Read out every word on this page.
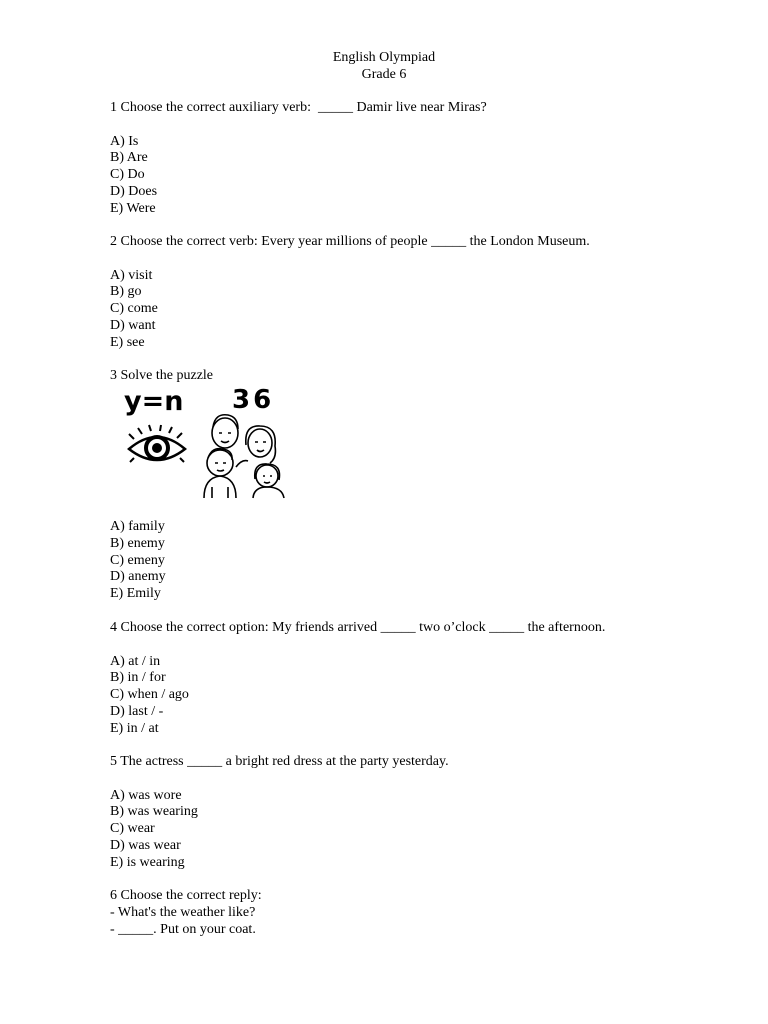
English Olympiad
Grade 6
1 Choose the correct auxiliary verb:  _____ Damir live near Miras?
A) Is
B) Are
C) Do
D) Does
E) Were
2 Choose the correct verb: Every year millions of people _____ the London Museum.
A) visit
B) go
C) come
D) want
E) see
3 Solve the puzzle
y=n 36
A) family
B) enemy
C) emeny
D) anemy
E) Emily
4 Choose the correct option: My friends arrived _____ two o’clock _____ the afternoon.
A) at / in
B) in / for
C) when / ago
D) last / -
E) in / at
5 The actress _____ a bright red dress at the party yesterday.
A) was wore
B) was wearing
C) wear
D) was wear
E) is wearing
6 Choose the correct reply:
- What's the weather like?
- _____. Put on your coat.
